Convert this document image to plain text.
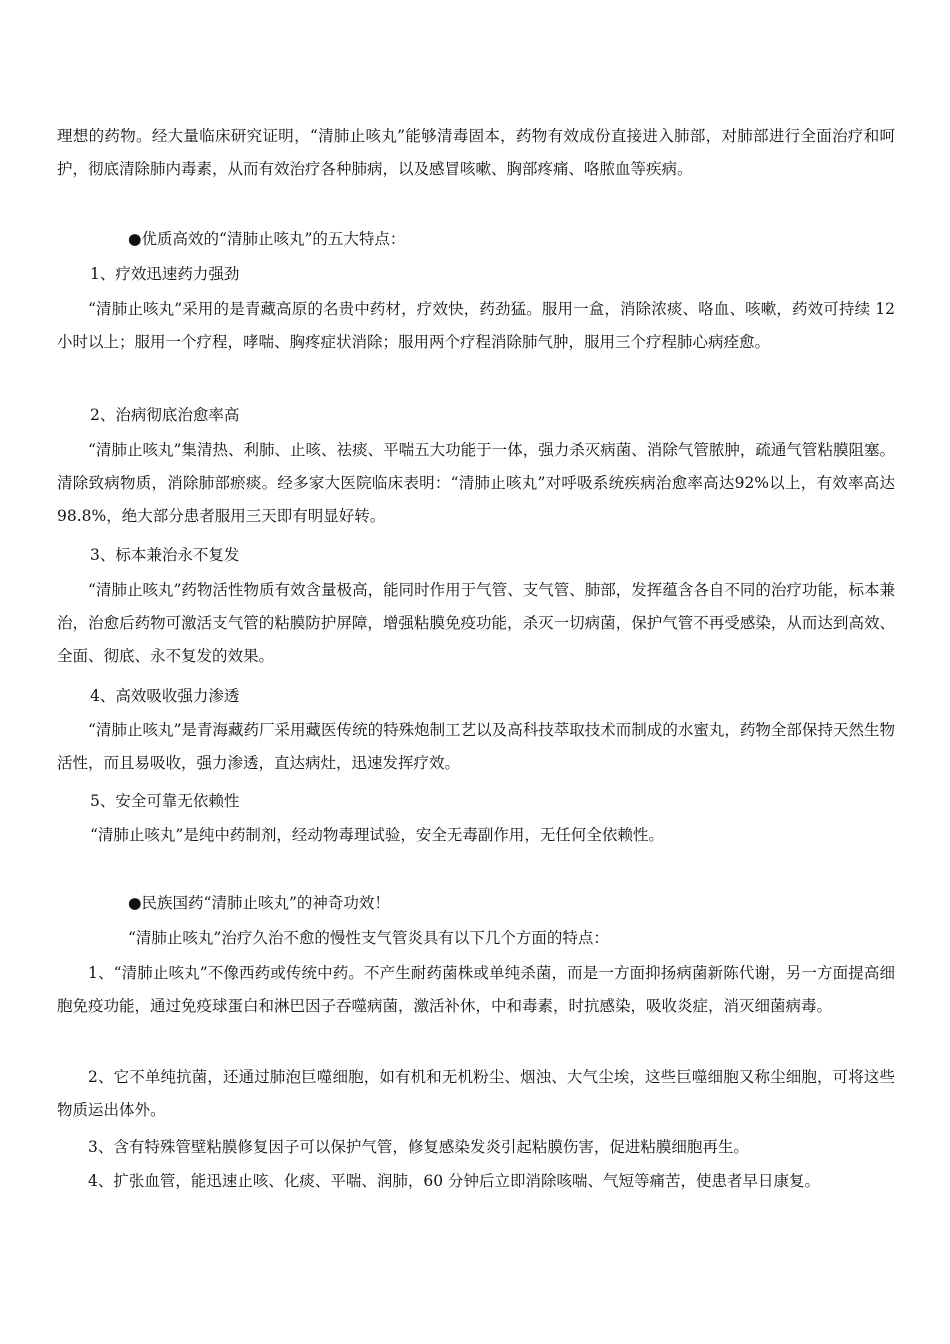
理想的药物。经大量临床研究证明，“清肺止咳丸”能够清毒固本，药物有效成份直接进入肺部，对肺部进行全面治疗和呵护，彻底清除肺内毒素，从而有效治疗各种肺病，以及感冒咳嗽、胸部疼痛、咯脓血等疾病。

●优质高效的“清肺止咳丸”的五大特点：

1、疗效迅速药力强劲

“清肺止咳丸”采用的是青藏高原的名贵中药材，疗效快，药劲猛。服用一盒，消除浓痰、咯血、咳嗽，药效可持续 12 小时以上；服用一个疗程，哮喘、胸疼症状消除；服用两个疗程消除肺气肿，服用三个疗程肺心病痊愈。

2、治病彻底治愈率高

“清肺止咳丸”集清热、利肺、止咳、祛痰、平喘五大功能于一体，强力杀灭病菌、消除气管脓肿，疏通气管粘膜阻塞。清除致病物质，消除肺部瘀痰。经多家大医院临床表明：“清肺止咳丸”对呼吸系统疾病治愈率高达92%以上，有效率高达 98.8%，绝大部分患者服用三天即有明显好转。

3、标本兼治永不复发

“清肺止咳丸”药物活性物质有效含量极高，能同时作用于气管、支气管、肺部，发挥蕴含各自不同的治疗功能，标本兼治，治愈后药物可激活支气管的粘膜防护屏障，增强粘膜免疫功能，杀灭一切病菌，保护气管不再受感染，从而达到高效、全面、彻底、永不复发的效果。

4、高效吸收强力渗透

“清肺止咳丸”是青海藏药厂采用藏医传统的特殊炮制工艺以及高科技萃取技术而制成的水蜜丸，药物全部保持天然生物活性，而且易吸收，强力渗透，直达病灶，迅速发挥疗效。

5、安全可靠无依赖性

“清肺止咳丸”是纯中药制剂，经动物毒理试验，安全无毒副作用，无任何全依赖性。

●民族国药“清肺止咳丸”的神奇功效！

“清肺止咳丸”治疗久治不愈的慢性支气管炎具有以下几个方面的特点：

1、“清肺止咳丸”不像西药或传统中药。不产生耐药菌株或单纯杀菌，而是一方面抑扬病菌新陈代谢，另一方面提高细胞免疫功能，通过免疫球蛋白和淋巴因子吞噬病菌，激活补休，中和毒素，时抗感染，吸收炎症，消灭细菌病毒。

2、它不单纯抗菌，还通过肺泡巨噬细胞，如有机和无机粉尘、烟浊、大气尘埃，这些巨噬细胞又称尘细胞，可将这些物质运出体外。

3、含有特殊管壁粘膜修复因子可以保护气管，修复感染发炎引起粘膜伤害，促进粘膜细胞再生。

4、扩张血管，能迅速止咳、化痰、平喘、润肺，60 分钟后立即消除咳喘、气短等痛苦，使患者早日康复。
